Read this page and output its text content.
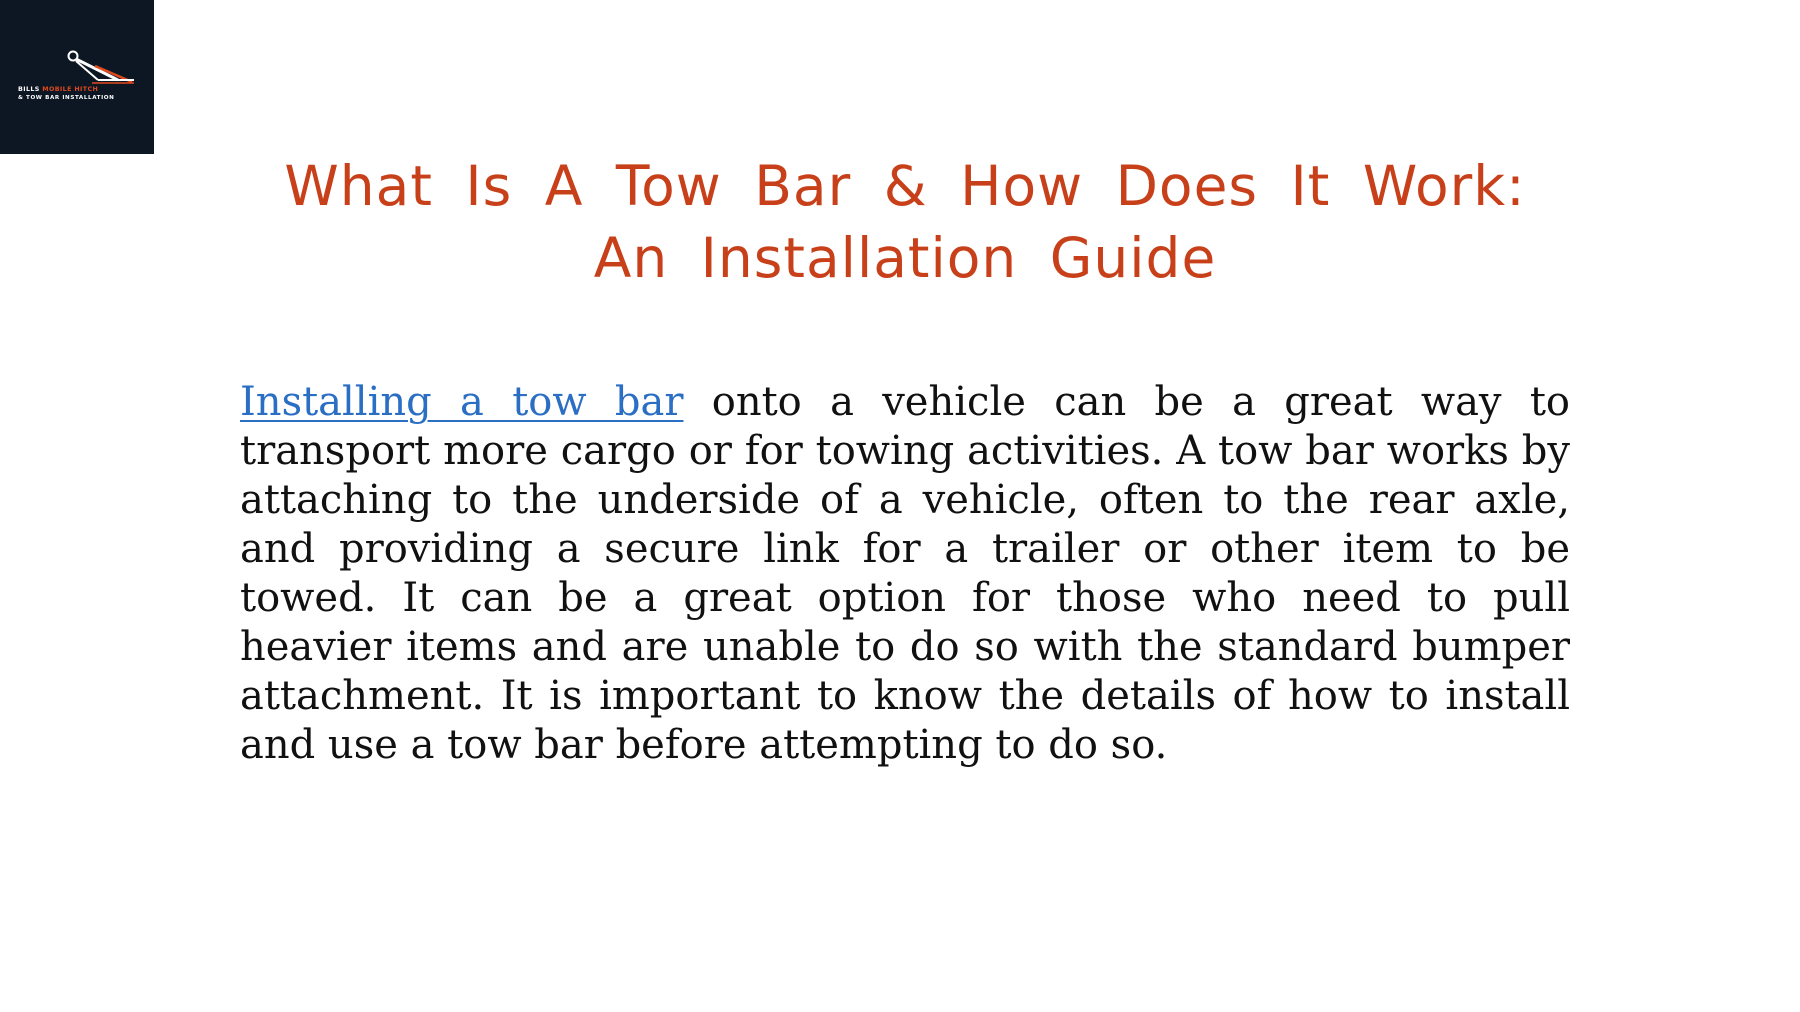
BILLS MOBILE HITCH
& TOW BAR INSTALLATION
What Is A Tow Bar & How Does It Work:
An Installation Guide

Installing a tow bar onto a vehicle can be a great way to transport more cargo or for towing activities. A tow bar works by attaching to the underside of a vehicle, often to the rear axle, and providing a secure link for a trailer or other item to be towed. It can be a great option for those who need to pull heavier items and are unable to do so with the standard bumper attachment. It is important to know the details of how to install and use a tow bar before attempting to do so.
